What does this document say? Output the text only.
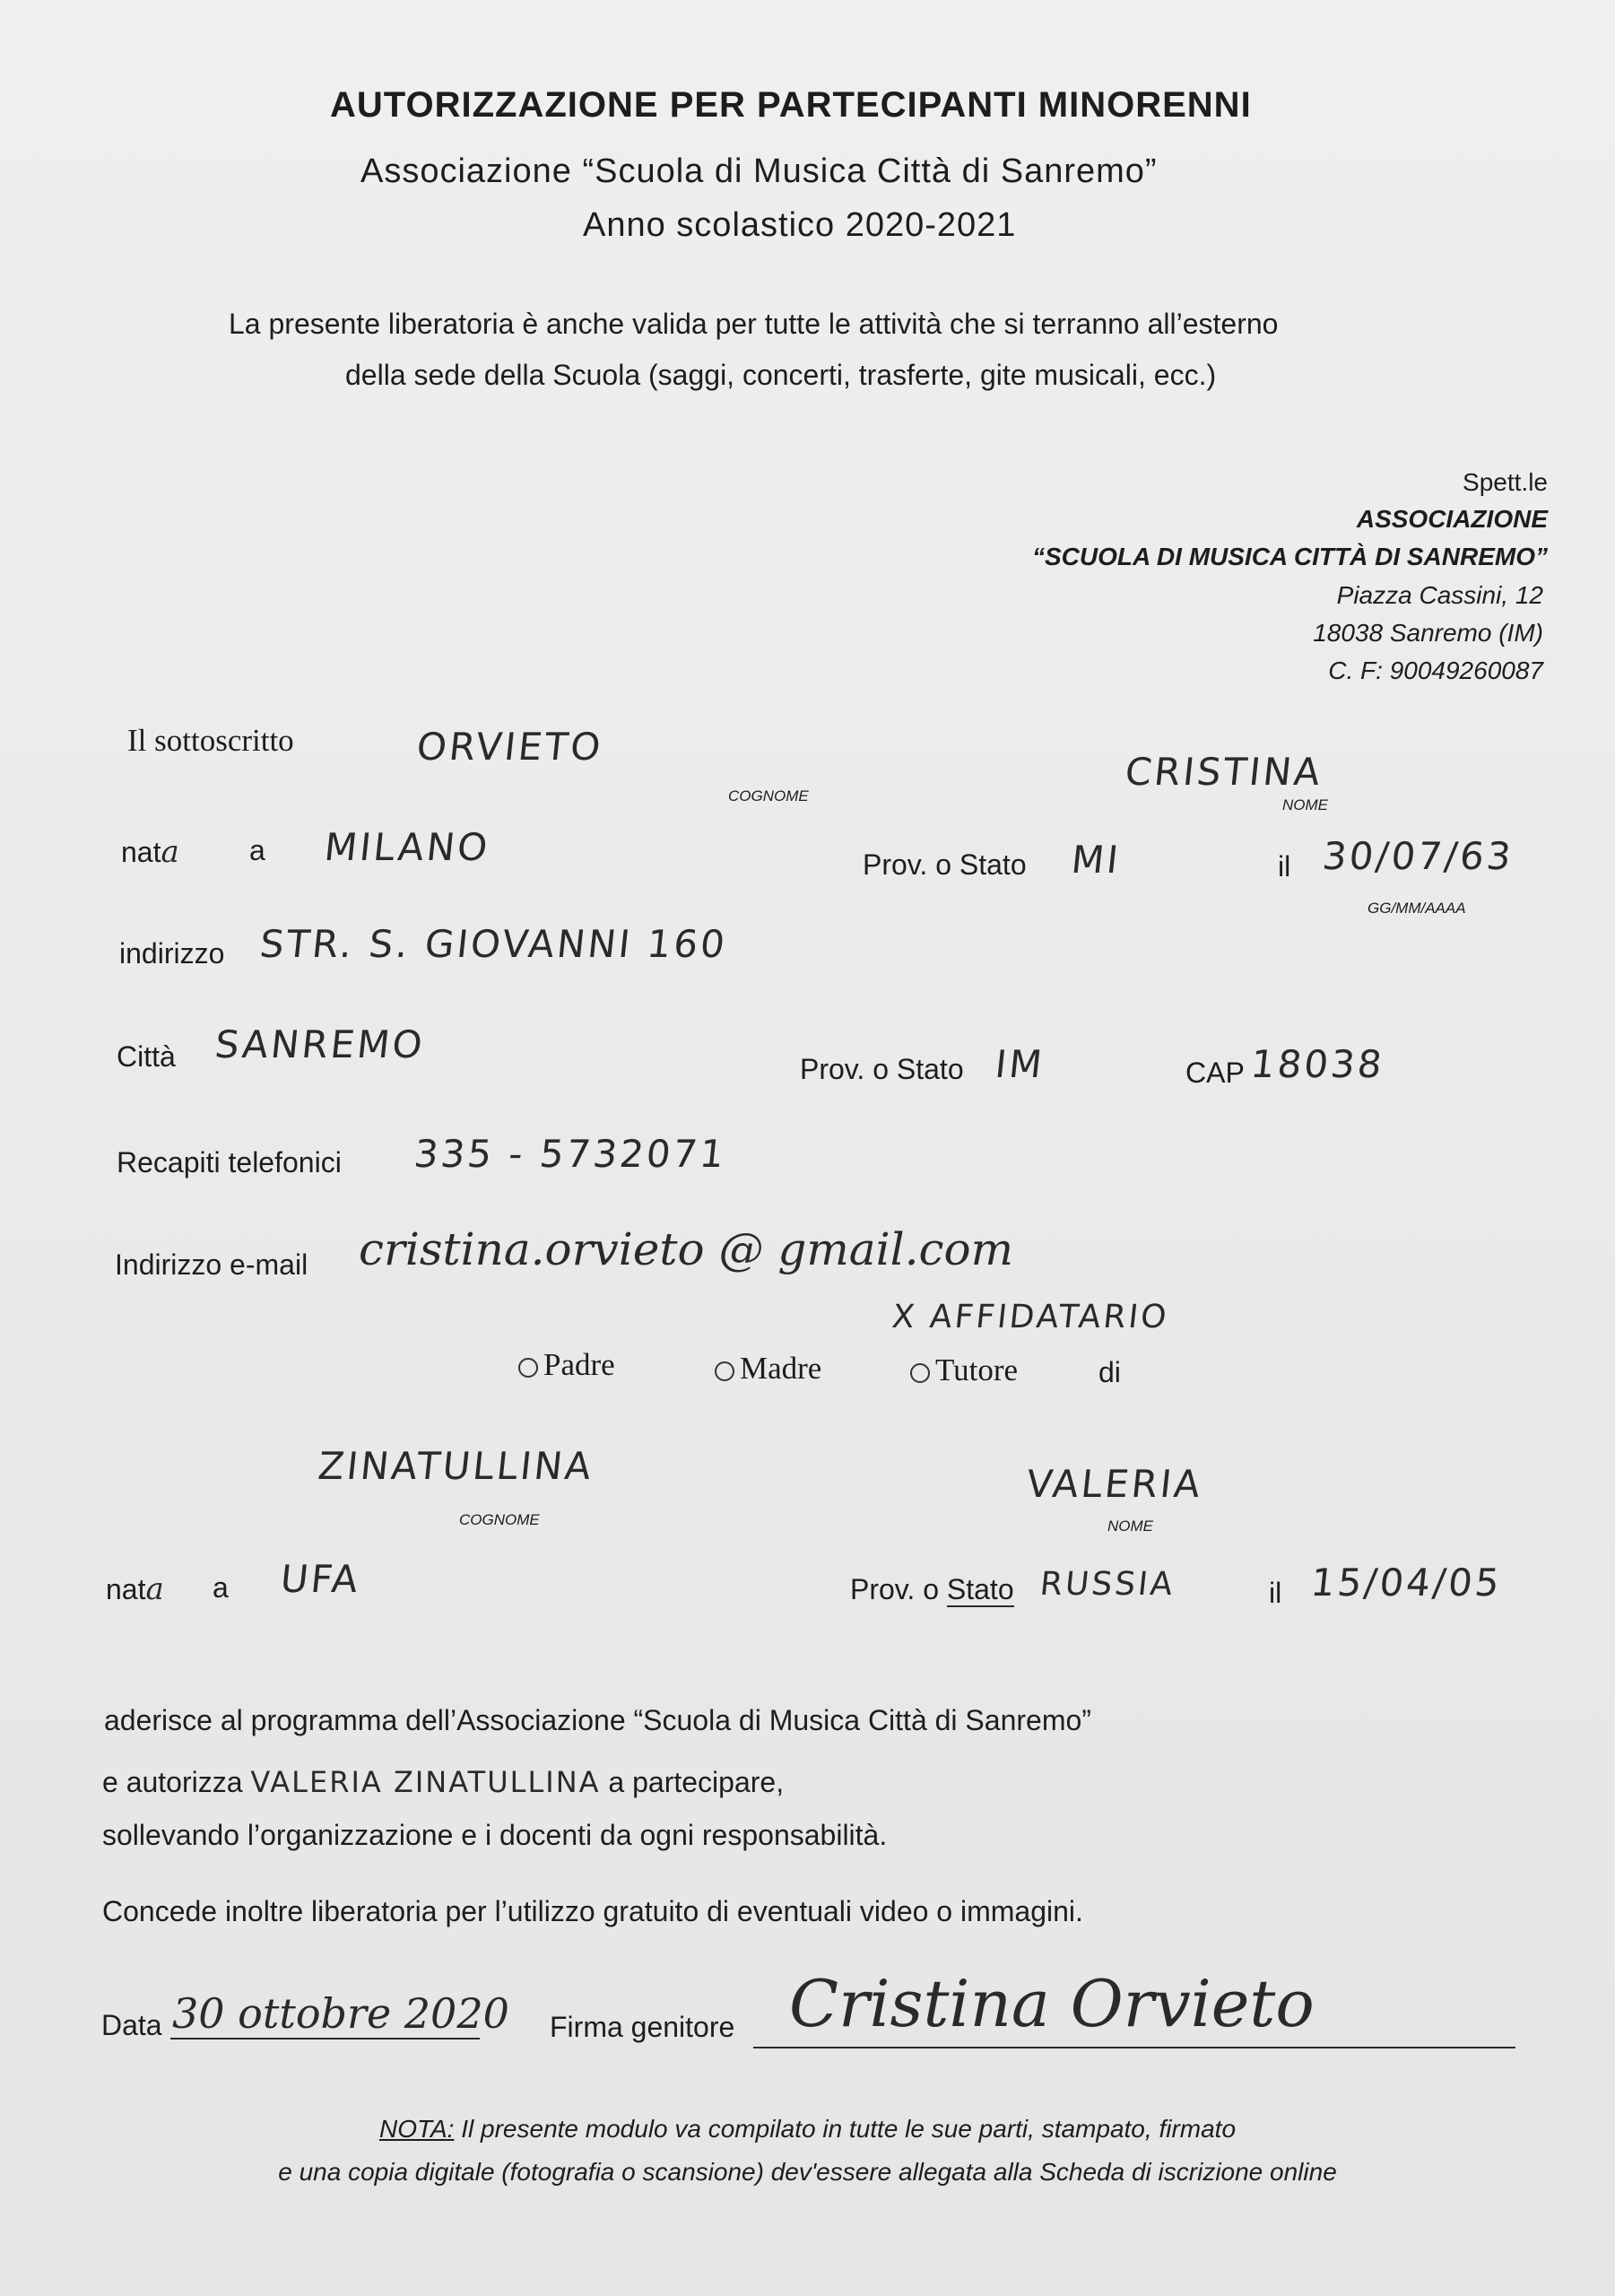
AUTORIZZAZIONE PER PARTECIPANTI MINORENNI
Associazione “Scuola di Musica Città di Sanremo”
Anno scolastico 2020-2021
La presente liberatoria è anche valida per tutte le attività che si terranno all’esterno
della sede della Scuola (saggi, concerti, trasferte, gite musicali, ecc.)
Spett.le
ASSOCIAZIONE
“SCUOLA DI MUSICA CITTÀ DI SANREMO”
Piazza Cassini, 12
18038 Sanremo (IM)
C. F: 90049260087
Il sottoscritto	ORVIETO
COGNOME
CRISTINA
NOME
nata a MILANO	Prov. o Stato MI	il 30/07/63
GG/MM/AAAA
indirizzo STR. S. GIOVANNI 160
Città SANREMO
Prov. o Stato IM	CAP 18038
Recapiti telefonici 335 - 5732071
Indirizzo e-mail cristina.orvieto @ gmail.com
X AFFIDATARIO
Padre	Madre	Tutore	di
ZINATULLINA
COGNOME
VALERIA
NOME
nata a UFA	Prov. o Stato RUSSIA	il 15/04/05
aderisce al programma dell’Associazione “Scuola di Musica Città di Sanremo”
e autorizza VALERIA ZINATULLINA a partecipare,
sollevando l’organizzazione e i docenti da ogni responsabilità.
Concede inoltre liberatoria per l’utilizzo gratuito di eventuali video o immagini.
Data 30 ottobre 2020 Firma genitore Cristina Orvieto
NOTA: Il presente modulo va compilato in tutte le sue parti, stampato, firmato
e una copia digitale (fotografia o scansione) dev'essere allegata alla Scheda di iscrizione online
